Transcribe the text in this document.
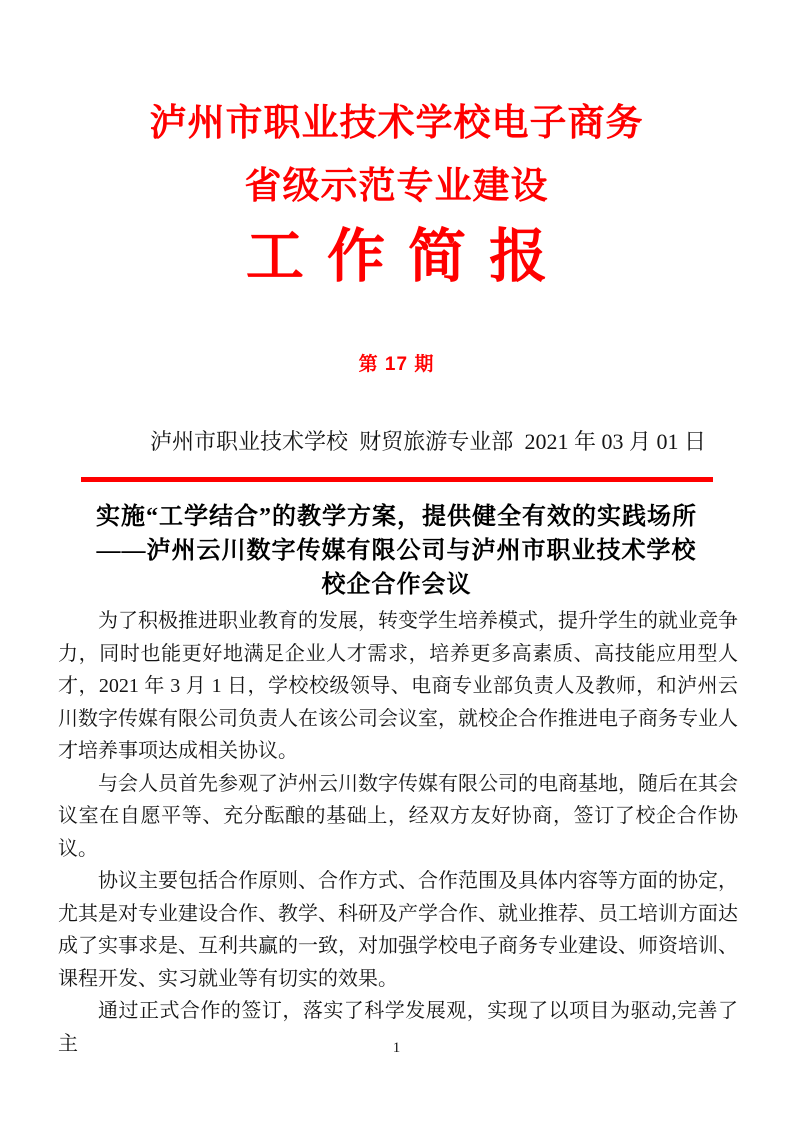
泸州市职业技术学校电子商务
省级示范专业建设
工 作 简 报
第 17 期
泸州市职业技术学校 财贸旅游专业部 2021 年 03 月 01 日
实施“工学结合”的教学方案，提供健全有效的实践场所
——泸州云川数字传媒有限公司与泸州市职业技术学校
校企合作会议

为了积极推进职业教育的发展，转变学生培养模式，提升学生的就业竞争力，同时也能更好地满足企业人才需求，培养更多高素质、高技能应用型人才，2021 年 3 月 1 日，学校校级领导、电商专业部负责人及教师，和泸州云川数字传媒有限公司负责人在该公司会议室，就校企合作推进电子商务专业人才培养事项达成相关协议。

与会人员首先参观了泸州云川数字传媒有限公司的电商基地，随后在其会议室在自愿平等、充分酝酿的基础上，经双方友好协商，签订了校企合作协议。

协议主要包括合作原则、合作方式、合作范围及具体内容等方面的协定，尤其是对专业建设合作、教学、科研及产学合作、就业推荐、员工培训方面达成了实事求是、互利共赢的一致，对加强学校电子商务专业建设、师资培训、课程开发、实习就业等有切实的效果。

通过正式合作的签订，落实了科学发展观，实现了以项目为驱动,完善了主	1
